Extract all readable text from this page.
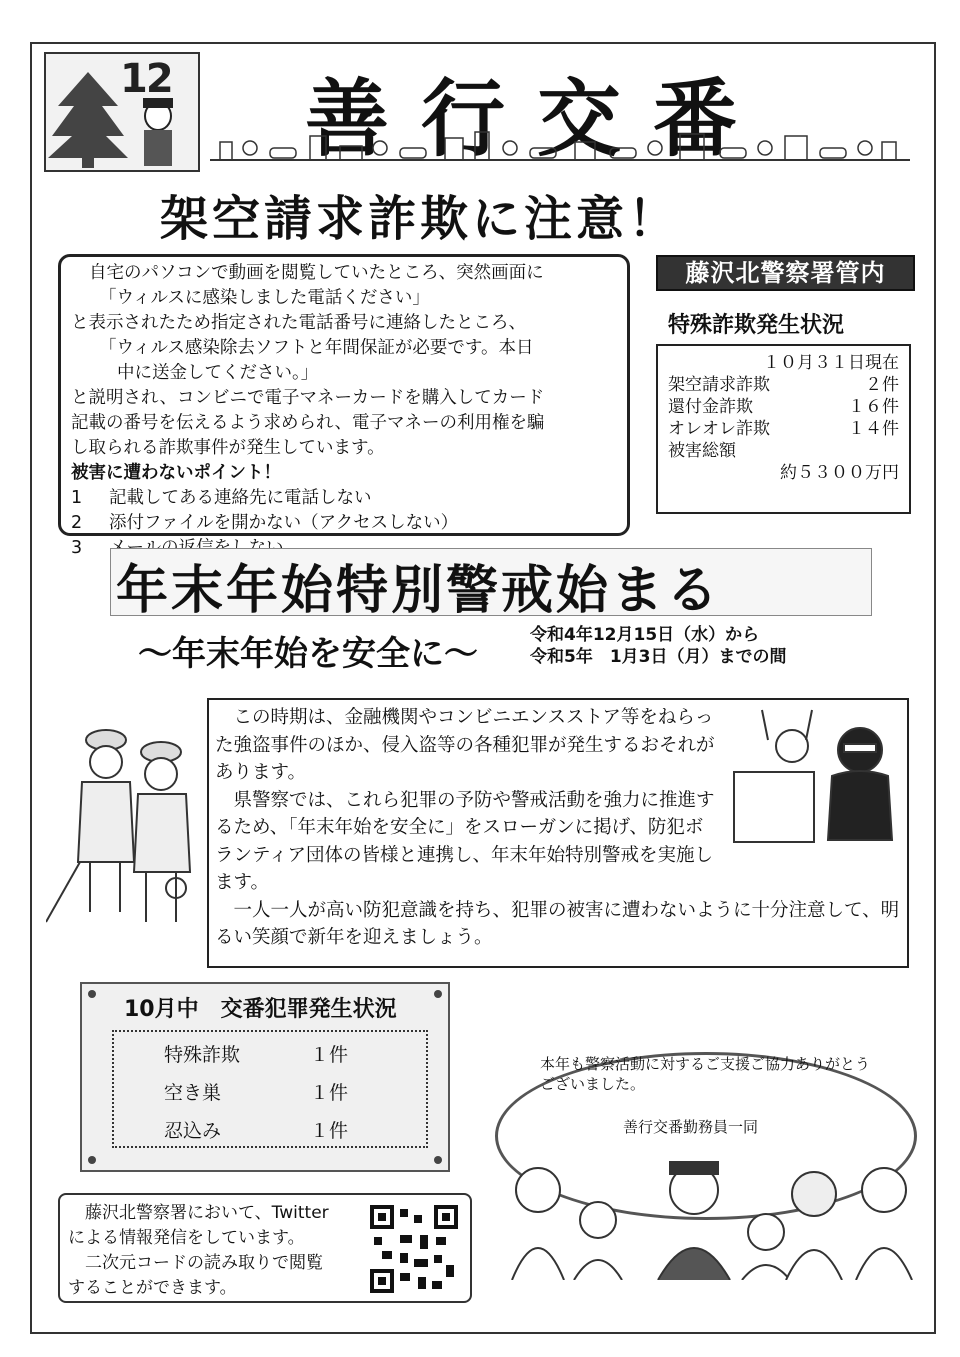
12 善行交番
架空請求詐欺に注意！

自宅のパソコンで動画を閲覧していたところ、突然画面に

「ウィルスに感染しました電話ください」

と表示されたため指定された電話番号に連絡したところ、

「ウィルス感染除去ソフトと年間保証が必要です。本日

中に送金してください。」

と説明され、コンビニで電子マネーカードを購入してカード

記載の番号を伝えるよう求められ、電子マネーの利用権を騙

し取られる詐欺事件が発生しています。

被害に遭わないポイント！

1	記載してある連絡先に電話しない
2	添付ファイルを開かない（アクセスしない）
3
藤沢北警察署管内
特殊詐欺発生状況
１０月３１日現在
架空請求詐欺	２件
還付金詐欺	１６件
オレオレ詐欺	１４件
被害総額
約５３００万円
年末年始特別警戒始まる
～年末年始を安全に～	令和4年12月15日（水）から
令和5年　1月3日（月）までの間

　この時期は、金融機関やコンビニエンスストア等をねらった強盗事件のほか、侵入盗等の各種犯罪が発生するおそれがあります。

　県警察では、これら犯罪の予防や警戒活動を強力に推進するため、「年末年始を安全に」をスローガンに掲げ、防犯ボランティア団体の皆様と連携し、年末年始特別警戒を実施します。

　一人一人が高い防犯意識を持ち、犯罪の被害に遭わないように十分注意して、明るい笑顔で新年を迎えましょう。

10月中　交番犯罪発生状況
特殊詐欺	１件
空き巣	１件
忍込み	１件

　藤沢北警察署において、Twitter

による情報発信をしています。

　二次元コードの読み取りで閲覧

することができます。

本年も警察活動に対するご支援ご協力ありがとうございました。
善行交番勤務員一同
